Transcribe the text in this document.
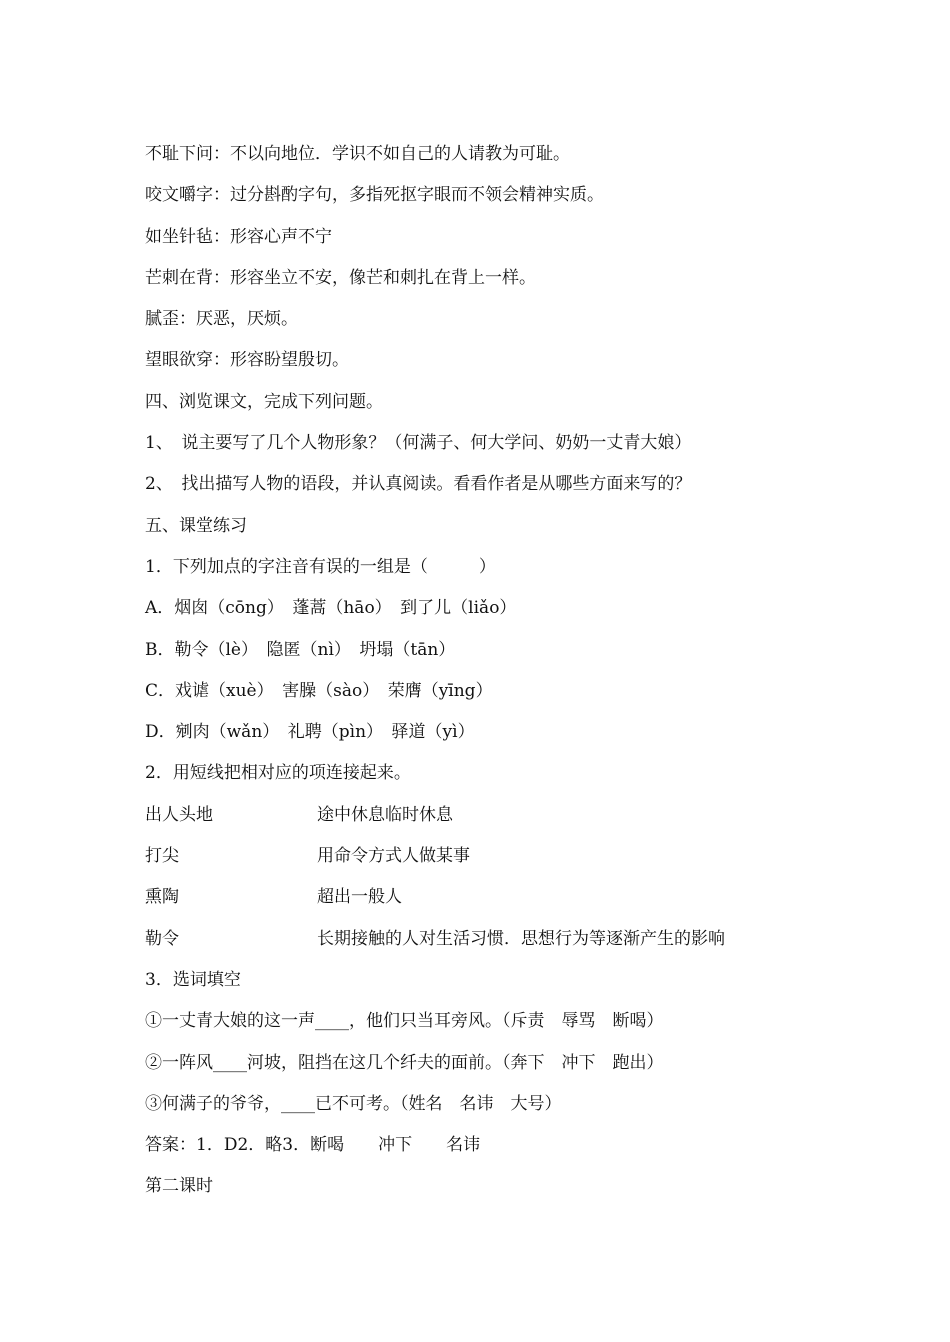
不耻下问：不以向地位．学识不如自己的人请教为可耻。
咬文嚼字：过分斟酌字句，多指死抠字眼而不领会精神实质。
如坐针毡：形容心声不宁
芒刺在背：形容坐立不安，像芒和刺扎在背上一样。
腻歪：厌恶，厌烦。
望眼欲穿：形容盼望殷切。
四、浏览课文，完成下列问题。
1、　说主要写了几个人物形象？（何满子、何大学问、奶奶一丈青大娘）
2、　找出描写人物的语段，并认真阅读。看看作者是从哪些方面来写的？
五、课堂练习
1．下列加点的字注音有误的一组是（　　　）
A．烟囱（cōng）　蓬蒿（hāo）　到了儿（liǎo）
B．勒令（lè）　隐匿（nì）　坍塌（tān）
C．戏谑（xuè）　害臊（sào）　荣膺（yīng）
D．剜肉（wǎn）　礼聘（pìn）　驿道（yì）
2．用短线把相对应的项连接起来。
出人头地	途中休息临时休息
打尖	用命令方式人做某事
熏陶	超出一般人
勒令	长期接触的人对生活习惯．思想行为等逐渐产生的影响
3．选词填空
①一丈青大娘的这一声____，他们只当耳旁风。（斥责　辱骂　断喝）
②一阵风____河坡，阻挡在这几个纤夫的面前。（奔下　冲下　跑出）
③何满子的爷爷，____已不可考。（姓名　名讳　大号）
答案：1．D2．略3．断喝　　冲下　　名讳
第二课时
